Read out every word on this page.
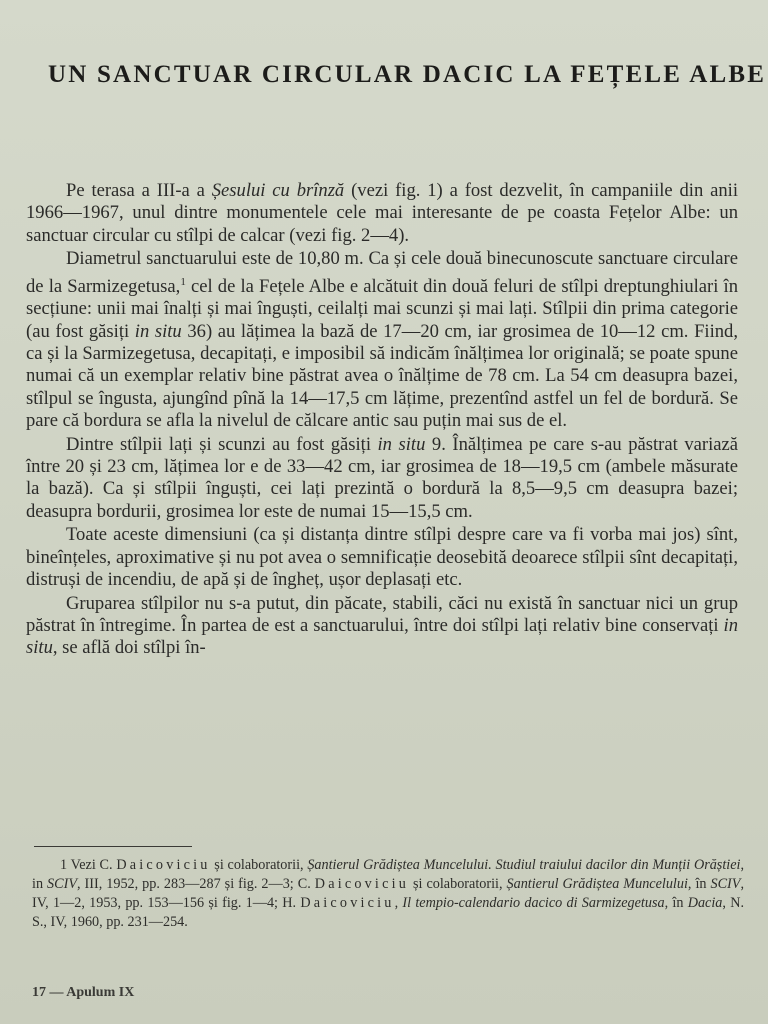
UN SANCTUAR CIRCULAR DACIC LA FEȚELE ALBE

Pe terasa a III-a a Șesului cu brînză (vezi fig. 1) a fost dezvelit, în campaniile din anii 1966—1967, unul dintre monumentele cele mai interesante de pe coasta Fețelor Albe: un sanctuar circular cu stîlpi de calcar (vezi fig. 2—4).

Diametrul sanctuarului este de 10,80 m. Ca și cele două binecunoscute sanctuare circulare de la Sarmizegetusa,$^1$ cel de la Fețele Albe e alcătuit din două feluri de stîlpi dreptunghiulari în secțiune: unii mai înalți și mai înguști, ceilalți mai scunzi și mai lați. Stîlpii din prima categorie (au fost găsiți in situ 36) au lățimea la bază de 17—20 cm, iar grosimea de 10—12 cm. Fiind, ca și la Sarmizegetusa, decapitați, e imposibil să indicăm înălțimea lor originală; se poate spune numai că un exemplar relativ bine păstrat avea o înălțime de 78 cm. La 54 cm deasupra bazei, stîlpul se îngusta, ajungînd pînă la 14—17,5 cm lățime, prezentînd astfel un fel de bordură. Se pare că bordura se afla la nivelul de călcare antic sau puțin mai sus de el.

Dintre stîlpii lați și scunzi au fost găsiți in situ 9. Înălțimea pe care s-au păstrat variază între 20 și 23 cm, lățimea lor e de 33—42 cm, iar grosimea de 18—19,5 cm (ambele măsurate la bază). Ca și stîlpii înguști, cei lați prezintă o bordură la 8,5—9,5 cm deasupra bazei; deasupra bordurii, grosimea lor este de numai 15—15,5 cm.

Toate aceste dimensiuni (ca și distanța dintre stîlpi despre care va fi vorba mai jos) sînt, bineînțeles, aproximative și nu pot avea o semnificație deosebită deoarece stîlpii sînt decapitați, distruși de incendiu, de apă și de îngheț, ușor deplasați etc.

Gruparea stîlpilor nu s-a putut, din păcate, stabili, căci nu există în sanctuar nici un grup păstrat în întregime. În partea de est a sanctuarului, între doi stîlpi lați relativ bine conservați in situ, se află doi stîlpi în-

1 Vezi C. Daicoviciu și colaboratorii, Șantierul Grădiștea Muncelului. Studiul traiului dacilor din Munții Orăștiei, in SCIV, III, 1952, pp. 283—287 și fig. 2—3; C. Daicoviciu și colaboratorii, Șantierul Grădiștea Muncelului, în SCIV, IV, 1—2, 1953, pp. 153—156 și fig. 1—4; H. Daicoviciu, Il tempio-calendario dacico di Sarmizegetusa, în Dacia, N. S., IV, 1960, pp. 231—254.

17 — Apulum IX
